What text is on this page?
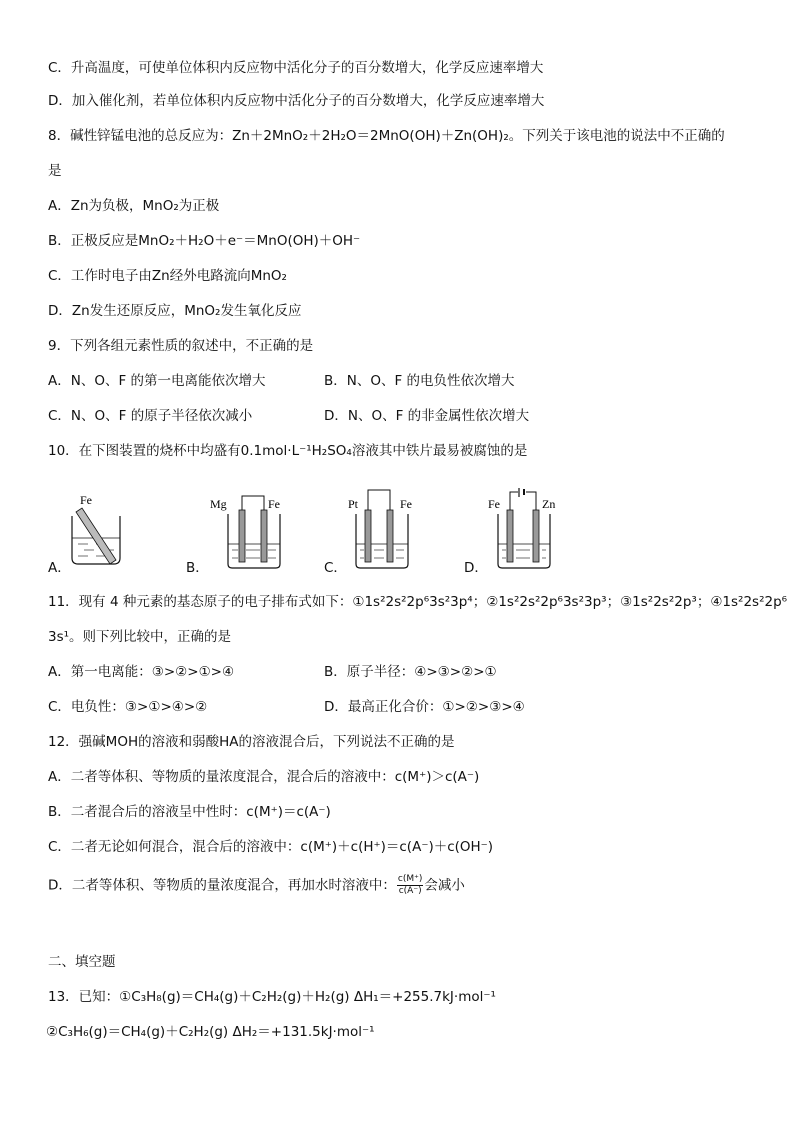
C．升高温度，可使单位体积内反应物中活化分子的百分数增大，化学反应速率增大
D．加入催化剂，若单位体积内反应物中活化分子的百分数增大，化学反应速率增大
8．碱性锌锰电池的总反应为：Zn＋2MnO₂＋2H₂O＝2MnO(OH)＋Zn(OH)₂。下列关于该电池的说法中不正确的
是
A．Zn为负极，MnO₂为正极
B．正极反应是MnO₂＋H₂O＋e⁻＝MnO(OH)＋OH⁻
C．工作时电子由Zn经外电路流向MnO₂
D．Zn发生还原反应，MnO₂发生氧化反应
9．下列各组元素性质的叙述中，不正确的是
A．N、O、F 的第一电离能依次增大	B．N、O、F 的电负性依次增大
C．N、O、F 的原子半径依次减小	D．N、O、F 的非金属性依次增大
10．在下图装置的烧杯中均盛有0.1mol·L⁻¹H₂SO₄溶液其中铁片最易被腐蚀的是
A．
Fe
B．
Mg	Fe
C．
Pt	Fe
D．
Fe	Zn
11．现有 4 种元素的基态原子的电子排布式如下：①1s²2s²2p⁶3s²3p⁴；②1s²2s²2p⁶3s²3p³；③1s²2s²2p³；④1s²2s²2p⁶
3s¹。则下列比较中，正确的是
A．第一电离能：③>②>①>④	B．原子半径：④>③>②>①
C．电负性：③>①>④>②	D．最高正化合价：①>②>③>④
12．强碱MOH的溶液和弱酸HA的溶液混合后，下列说法不正确的是
A．二者等体积、等物质的量浓度混合，混合后的溶液中：c(M⁺)＞c(A⁻)
B．二者混合后的溶液呈中性时：c(M⁺)＝c(A⁻)
C．二者无论如何混合，混合后的溶液中：c(M⁺)＋c(H⁺)＝c(A⁻)＋c(OH⁻)
D．二者等体积、等物质的量浓度混合，再加水时溶液中： $\frac{c(M^+)}{c(A^-)}$ 会减小
二、填空题
13．已知：①C₃H₈(g)＝CH₄(g)＋C₂H₂(g)＋H₂(g) ΔH₁＝+255.7kJ·mol⁻¹
②C₃H₆(g)＝CH₄(g)＋C₂H₂(g) ΔH₂＝+131.5kJ·mol⁻¹
